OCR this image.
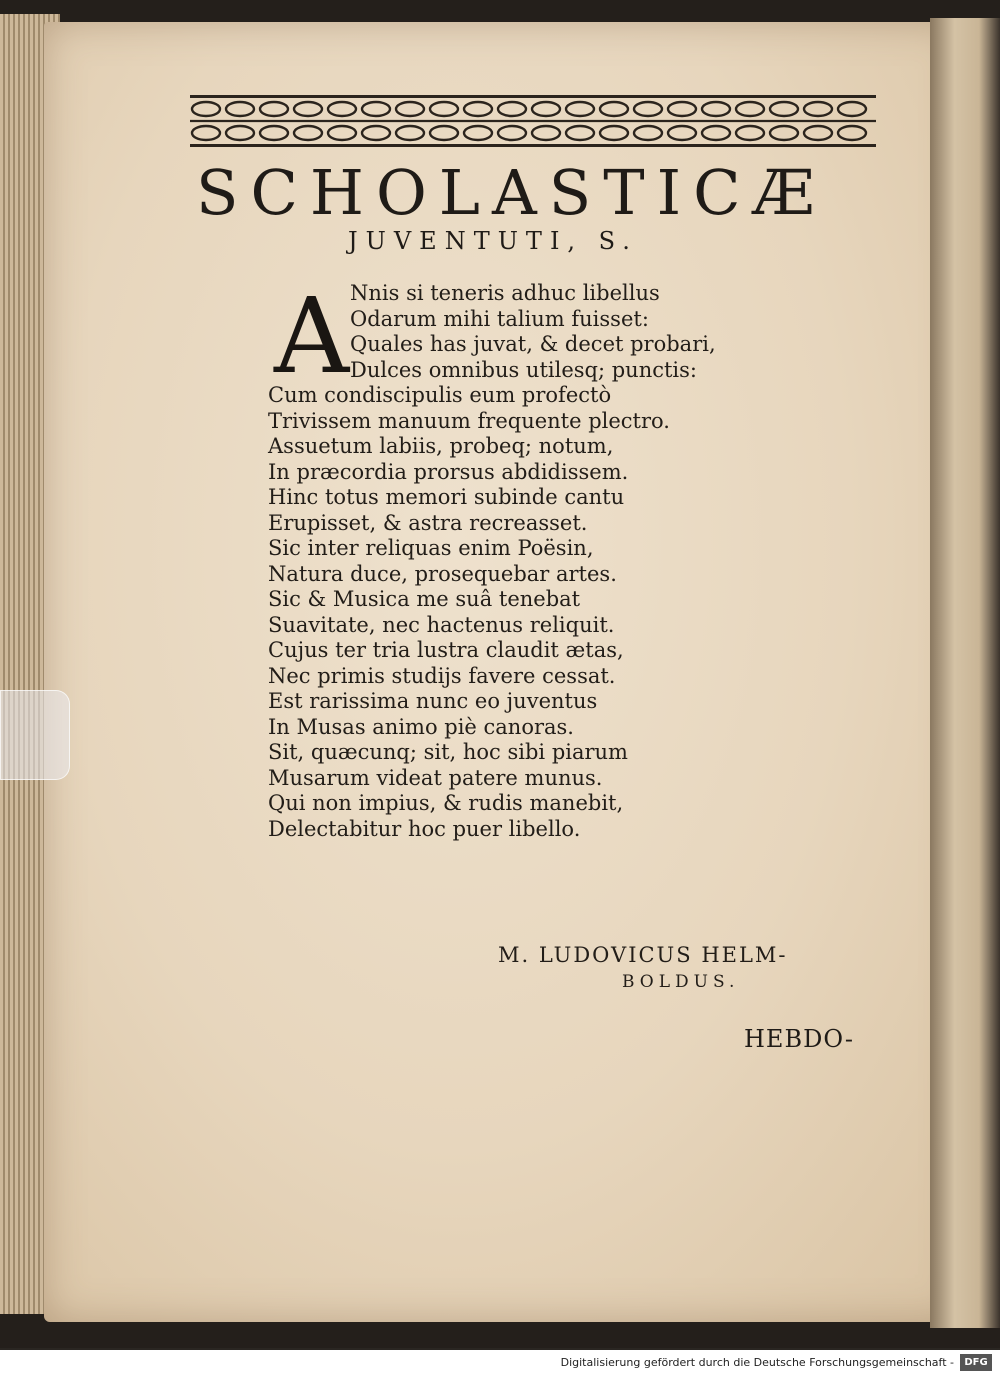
SCHOLASTICÆ
JUVENTUTI, S.
A Nnis si teneris adhuc libellus
Odarum mihi talium fuisset:
Quales has juvat, & decet probari,
Dulces omnibus utilesq; punctis:
Cum condiscipulis eum profectò
Trivissem manuum frequente plectro.
Assuetum labiis, probeq; notum,
In præcordia prorsus abdidissem.
Hinc totus memori subinde cantu
Erupisset, & astra recreasset.
Sic inter reliquas enim Poësin,
Natura duce, prosequebar artes.
Sic & Musica me suâ tenebat
Suavitate, nec hactenus reliquit.
Cujus ter tria lustra claudit ætas,
Nec primis studijs favere cessat.
Est rarissima nunc eo juventus
In Musas animo piè canoras.
Sit, quæcunq; sit, hoc sibi piarum
Musarum videat patere munus.
Qui non impius, & rudis manebit,
Delectabitur hoc puer libello.
M. LUDOVICUS HELM-
BOLDUS.
HEBDO-
Digitalisierung gefördert durch die Deutsche Forschungsgemeinschaft -	DFG
